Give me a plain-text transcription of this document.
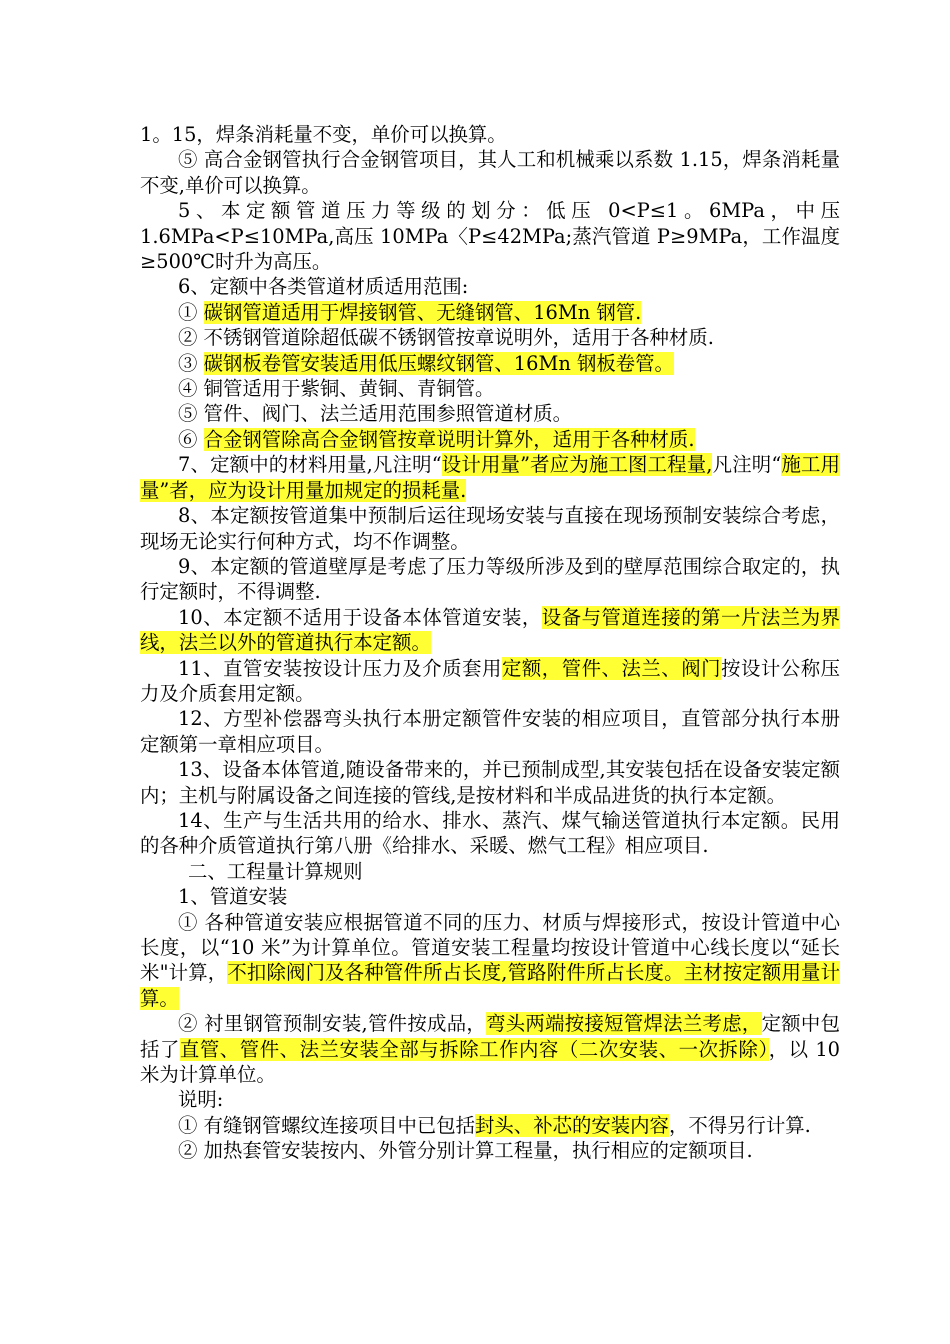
1。15，焊条消耗量不变，单价可以换算。

⑤ 高合金钢管执行合金钢管项目，其人工和机械乘以系数 1.15，焊条消耗量不变,单价可以换算。

5、本定额管道压力等级的划分：低压 0<P≤1。6MPa，中压 1.6MPa<P≤10MPa,高压 10MPa〈P≤42MPa;蒸汽管道 P≥9MPa，工作温度≥500℃时升为高压。

6、定额中各类管道材质适用范围:

① 碳钢管道适用于焊接钢管、无缝钢管、16Mn 钢管.

② 不锈钢管道除超低碳不锈钢管按章说明外，适用于各种材质.

③ 碳钢板卷管安装适用低压螺纹钢管、16Mn 钢板卷管。

④ 铜管适用于紫铜、黄铜、青铜管。

⑤ 管件、阀门、法兰适用范围参照管道材质。

⑥ 合金钢管除高合金钢管按章说明计算外，适用于各种材质.

7、定额中的材料用量,凡注明“设计用量”者应为施工图工程量,凡注明“施工用量”者，应为设计用量加规定的损耗量.

8、本定额按管道集中预制后运往现场安装与直接在现场预制安装综合考虑，现场无论实行何种方式，均不作调整。

9、本定额的管道壁厚是考虑了压力等级所涉及到的壁厚范围综合取定的，执行定额时，不得调整.

10、本定额不适用于设备本体管道安装，设备与管道连接的第一片法兰为界线，法兰以外的管道执行本定额。

11、直管安装按设计压力及介质套用定额，管件、法兰、阀门按设计公称压力及介质套用定额。

12、方型补偿器弯头执行本册定额管件安装的相应项目，直管部分执行本册定额第一章相应项目。

13、设备本体管道,随设备带来的，并已预制成型,其安装包括在设备安装定额内；主机与附属设备之间连接的管线,是按材料和半成品进货的执行本定额。

14、生产与生活共用的给水、排水、蒸汽、煤气输送管道执行本定额。民用的各种介质管道执行第八册《给排水、采暖、燃气工程》相应项目.

二、工程量计算规则

1、管道安装

① 各种管道安装应根据管道不同的压力、材质与焊接形式，按设计管道中心长度，以“10 米”为计算单位。管道安装工程量均按设计管道中心线长度以“延长米"计算，不扣除阀门及各种管件所占长度,管路附件所占长度。主材按定额用量计算。

② 衬里钢管预制安装,管件按成品，弯头两端按接短管焊法兰考虑，定额中包括了直管、管件、法兰安装全部与拆除工作内容（二次安装、一次拆除），以 10 米为计算单位。

说明:

① 有缝钢管螺纹连接项目中已包括封头、补芯的安装内容，不得另行计算.

② 加热套管安装按内、外管分别计算工程量，执行相应的定额项目.
